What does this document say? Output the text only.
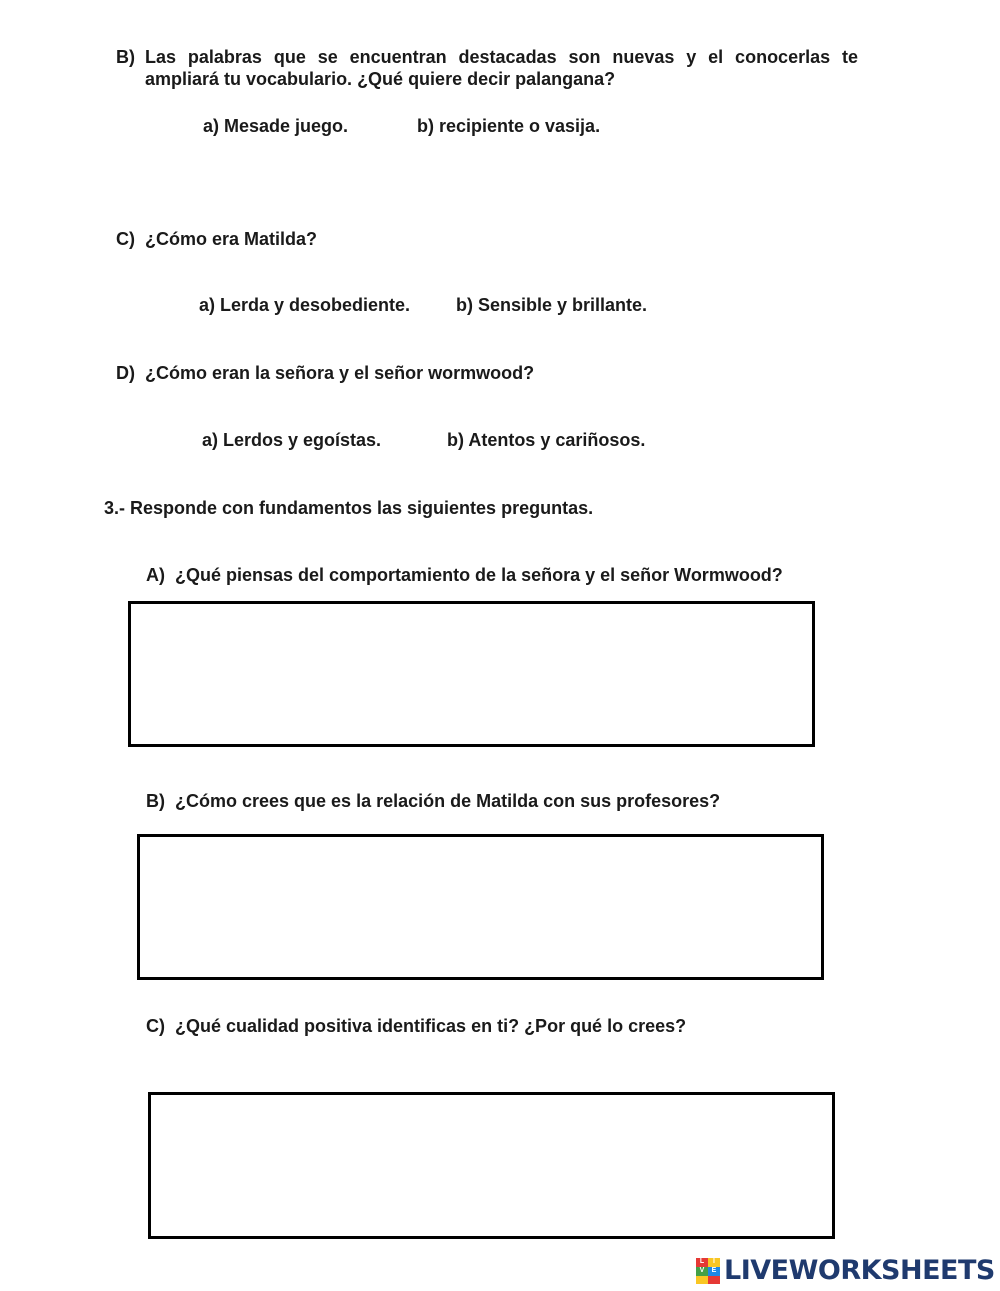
B) Las palabras que se encuentran destacadas son nuevas y el conocerlas te ampliará tu vocabulario. ¿Qué quiere decir palangana?
a) Mesade juego.	b) recipiente o vasija.
C) ¿Cómo era Matilda?
a) Lerda y desobediente.	b) Sensible y brillante.
D) ¿Cómo eran la señora y el señor wormwood?
a) Lerdos y egoístas.	b) Atentos y cariñosos.
3.- Responde con fundamentos las siguientes preguntas.
A) ¿Qué piensas del comportamiento de la señora y el señor Wormwood?
B) ¿Cómo crees que es la relación de Matilda con sus profesores?
C) ¿Qué cualidad positiva identificas en ti? ¿Por qué lo crees?
L	I
V	E LIVEWORKSHEETS
